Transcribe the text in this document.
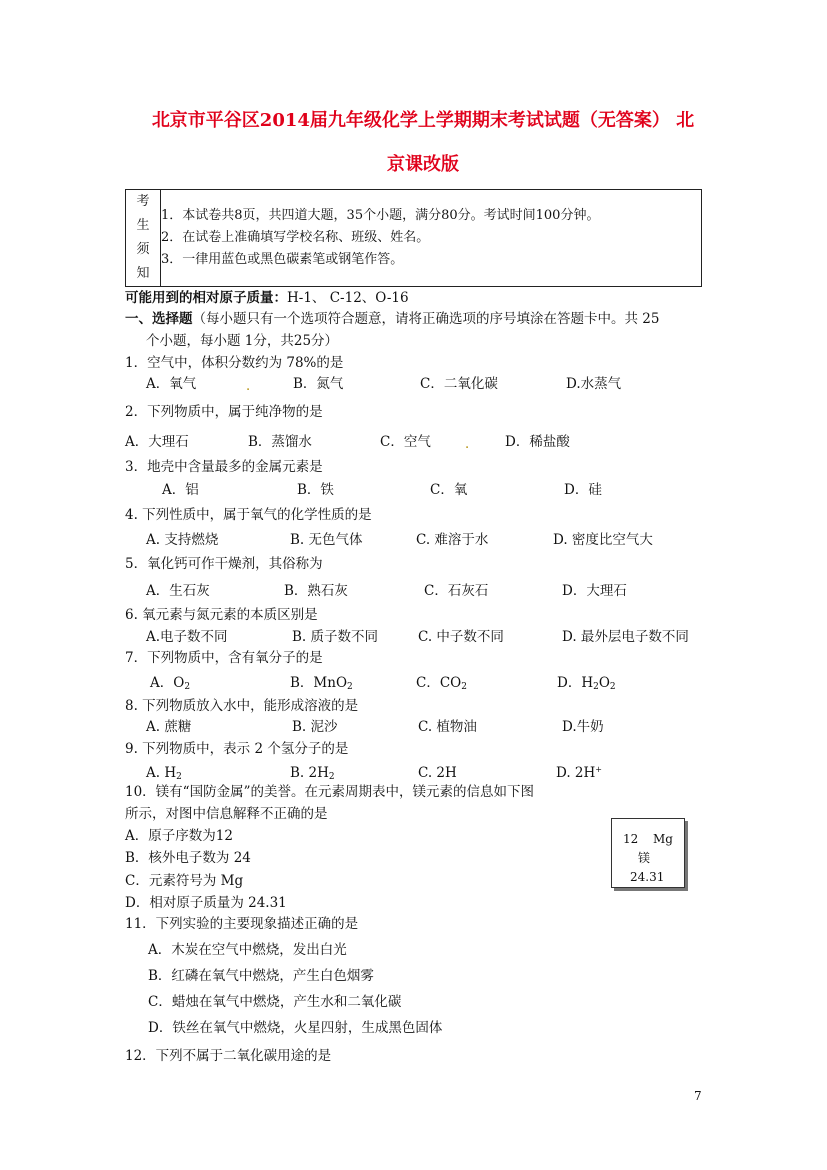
北京市平谷区2014届九年级化学上学期期末考试试题（无答案） 北
京课改版
考
生
须
知

1．本试卷共8页，共四道大题，35个小题，满分80分。考试时间100分钟。
2．在试卷上准确填写学校名称、班级、姓名。
3．一律用蓝色或黑色碳素笔或钢笔作答。
可能用到的相对原子质量：H-1、 C-12、O-16
一、选择题（每小题只有一个选项符合题意，请将正确选项的序号填涂在答题卡中。共 25
个小题，每小题 1分，共25分）
1．空气中，体积分数约为 78%的是
A．氧气	.	B．氮气	C．二氧化碳	D.水蒸气
2．下列物质中，属于纯净物的是
A．大理石	B．蒸馏水	C．空气	.	D．稀盐酸
3．地壳中含量最多的金属元素是
A．铝	B．铁	C．氧	D．硅
4. 下列性质中，属于氧气的化学性质的是
A. 支持燃烧	B. 无色气体	C. 难溶于水	D. 密度比空气大
5．氧化钙可作干燥剂，其俗称为
A．生石灰	B．熟石灰	C．石灰石	D．大理石
6. 氧元素与氮元素的本质区别是
A.电子数不同	B. 质子数不同	C. 中子数不同	D. 最外层电子数不同
7．下列物质中，含有氧分子的是
A．$O_2$	B．MnO$_2$	C．$CO_2$	D．$H_2O_2$
8. 下列物质放入水中，能形成溶液的是
A. 蔗糖	B. 泥沙	C. 植物油	D.牛奶
9. 下列物质中，表示 2 个氢分子的是
A. $H_2$	B. $2H_2$	C. 2H	D. 2H+
10．镁有“国防金属”的美誉。在元素周期表中，镁元素的信息如下图
所示，对图中信息解释不正确的是
A．原子序数为12
B．核外电子数为 24
C．元素符号为 Mg
D．相对原子质量为 24.31
12 Mg
镁
24.31
11．下列实验的主要现象描述正确的是
A．木炭在空气中燃烧，发出白光
B．红磷在氧气中燃烧，产生白色烟雾
C．蜡烛在氧气中燃烧，产生水和二氧化碳
D．铁丝在氧气中燃烧，火星四射，生成黑色固体
12．下列不属于二氧化碳用途的是
7
